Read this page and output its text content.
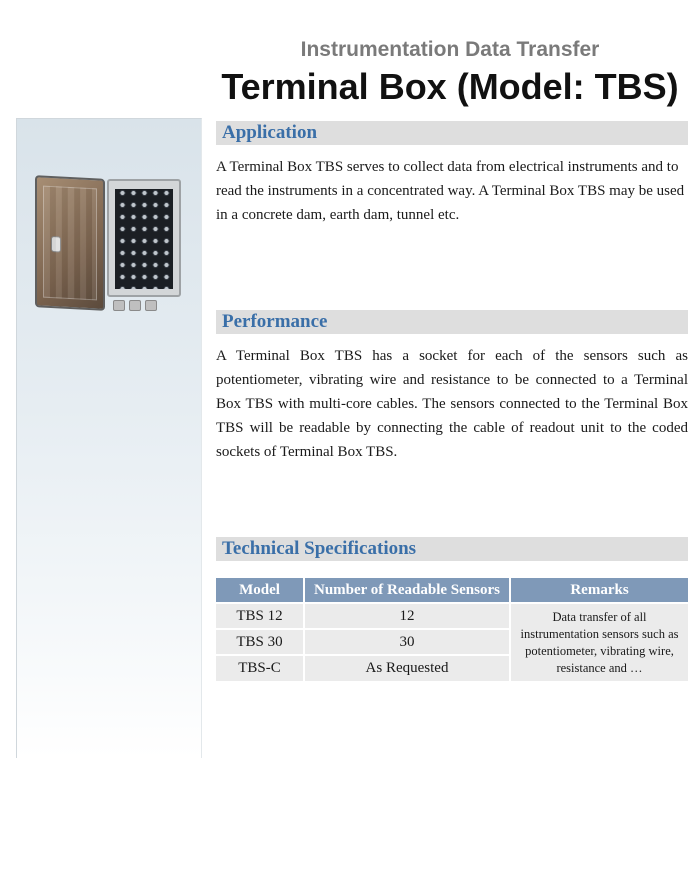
Instrumentation Data Transfer
Terminal Box (Model: TBS)
Application
A Terminal Box TBS serves to collect data from electrical instruments and to read the instruments in a concentrated way. A Terminal Box TBS may be used in a concrete dam, earth dam, tunnel etc.
Performance
A Terminal Box TBS has a socket for each of the sensors such as potentiometer, vibrating wire and resistance to be connected to a Terminal Box TBS with multi-core cables. The sensors connected to the Terminal Box TBS will be readable by connecting the cable of readout unit to the coded sockets of Terminal Box TBS.
Technical Specifications
Model	Number of Readable Sensors	Remarks
TBS 12	12	Data transfer of all instrumentation sensors such as potentiometer, vibrating wire, resistance and …
TBS 30	30	
TBS-C	As Requested	
